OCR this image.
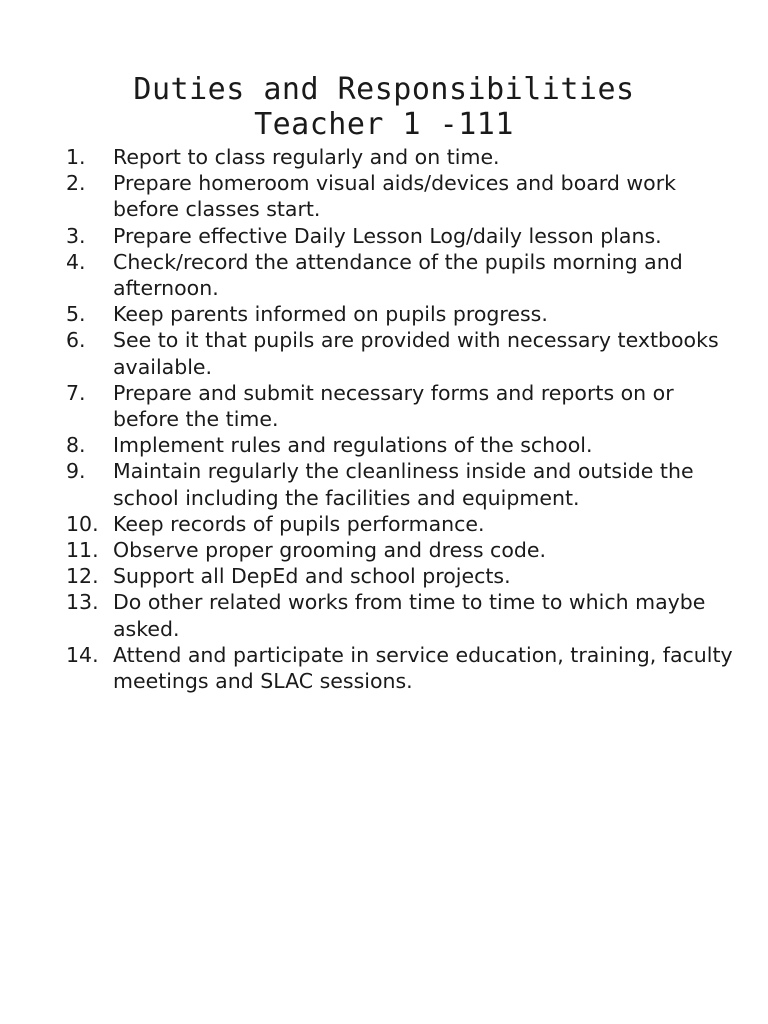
Duties and Responsibilities
Teacher 1 -111
1.	Report to class regularly and on time.
2.	Prepare homeroom visual aids/devices and board work before classes start.
3.	Prepare effective Daily Lesson Log/daily lesson plans.
4.	Check/record the attendance of the pupils morning and afternoon.
5.	Keep parents informed on pupils progress.
6.	See to it that pupils are provided with necessary textbooks available.
7.	Prepare and submit necessary forms and reports on or before the time.
8.	Implement rules and regulations of the school.
9.	Maintain regularly the cleanliness inside and outside the school including the facilities and equipment.
10. Keep records of pupils performance.
11. Observe proper grooming and dress code.
12. Support all DepEd and school projects.
13. Do other related works from time to time to which maybe asked.
14. Attend and participate in service education, training, faculty meetings and SLAC sessions.
